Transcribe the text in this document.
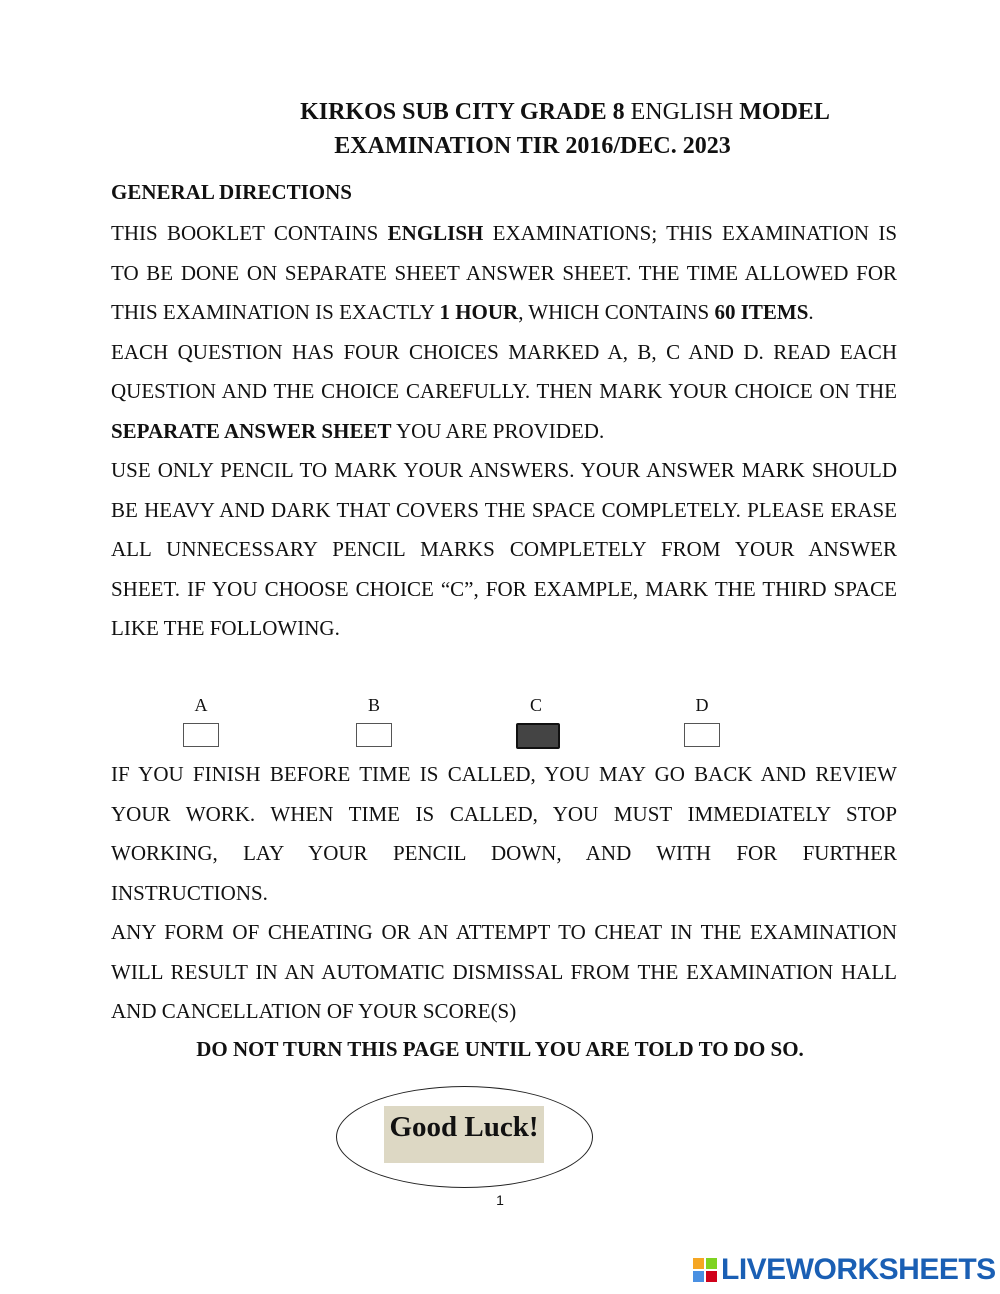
KIRKOS SUB CITY GRADE 8 ENGLISH MODEL
EXAMINATION TIR 2016/DEC. 2023
GENERAL DIRECTIONS

THIS BOOKLET CONTAINS ENGLISH EXAMINATIONS; THIS EXAMINATION IS TO BE DONE ON SEPARATE SHEET ANSWER SHEET. THE TIME ALLOWED FOR THIS EXAMINATION IS EXACTLY 1 HOUR, WHICH CONTAINS 60 ITEMS.

EACH QUESTION HAS FOUR CHOICES MARKED A, B, C AND D. READ EACH QUESTION AND THE CHOICE CAREFULLY. THEN MARK YOUR CHOICE ON THE SEPARATE ANSWER SHEET YOU ARE PROVIDED.

USE ONLY PENCIL TO MARK YOUR ANSWERS. YOUR ANSWER MARK SHOULD BE HEAVY AND DARK THAT COVERS THE SPACE COMPLETELY. PLEASE ERASE ALL UNNECESSARY PENCIL MARKS COMPLETELY FROM YOUR ANSWER SHEET. IF YOU CHOOSE CHOICE “C”, FOR EXAMPLE, MARK THE THIRD SPACE LIKE THE FOLLOWING.

A	B	C	D

IF YOU FINISH BEFORE TIME IS CALLED, YOU MAY GO BACK AND REVIEW YOUR WORK. WHEN TIME IS CALLED, YOU MUST IMMEDIATELY STOP WORKING, LAY YOUR PENCIL DOWN, AND WITH FOR FURTHER INSTRUCTIONS.

ANY FORM OF CHEATING OR AN ATTEMPT TO CHEAT IN THE EXAMINATION WILL RESULT IN AN AUTOMATIC DISMISSAL FROM THE EXAMINATION HALL AND CANCELLATION OF YOUR SCORE(S)

DO NOT TURN THIS PAGE UNTIL YOU ARE TOLD TO DO SO.
Good Luck!
1
LIVEWORKSHEETS
